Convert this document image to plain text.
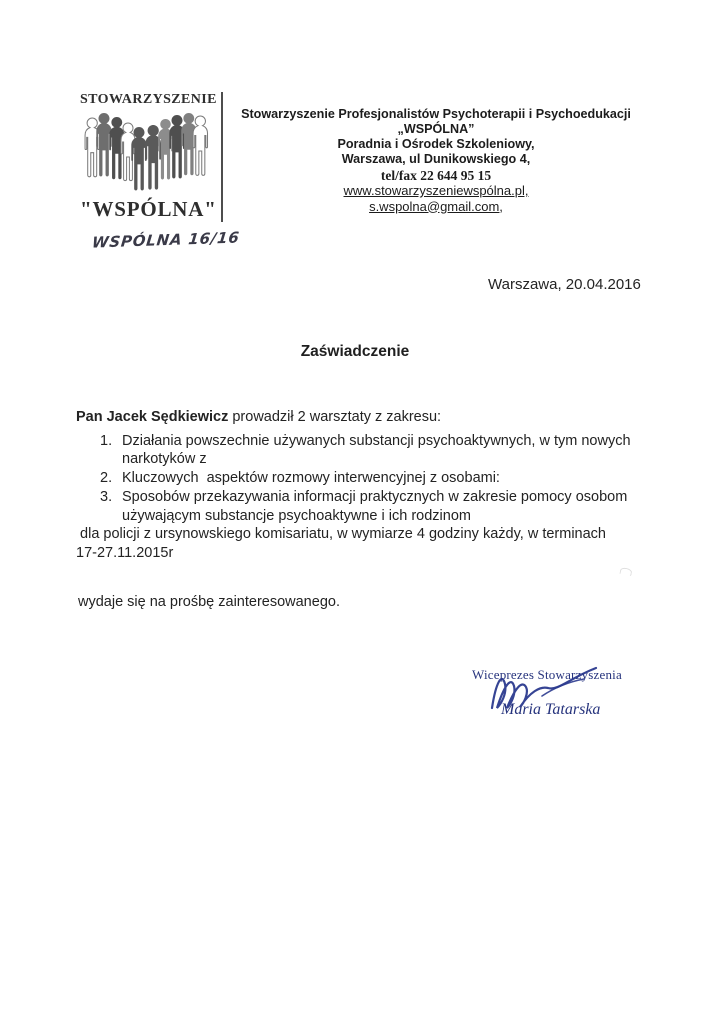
STOWARZYSZENIE
"WSPÓLNA"
WSPÓLNA 16/16
Stowarzyszenie Profesjonalistów Psychoterapii i Psychoedukacji
„WSPÓLNA”
Poradnia i Ośrodek Szkoleniowy,
Warszawa, ul Dunikowskiego 4,
tel/fax 22 644 95 15
www.stowarzyszeniewspólna.pl,
s.wspolna@gmail.com,
Warszawa, 20.04.2016
Zaświadczenie
Pan Jacek Sędkiewicz prowadził 2 warsztaty z zakresu:
1. Działania powszechnie używanych substancji psychoaktywnych, w tym nowych
narkotyków z
2. Kluczowych  aspektów rozmowy interwencyjnej z osobami:
3. Sposobów przekazywania informacji praktycznych w zakresie pomocy osobom
używającym substancje psychoaktywne i ich rodzinom
dla policji z ursynowskiego komisariatu, w wymiarze 4 godziny każdy, w terminach
17-27.11.2015r
wydaje się na prośbę zainteresowanego.
Wiceprezes Stowarzyszenia
Maria Tatarska
